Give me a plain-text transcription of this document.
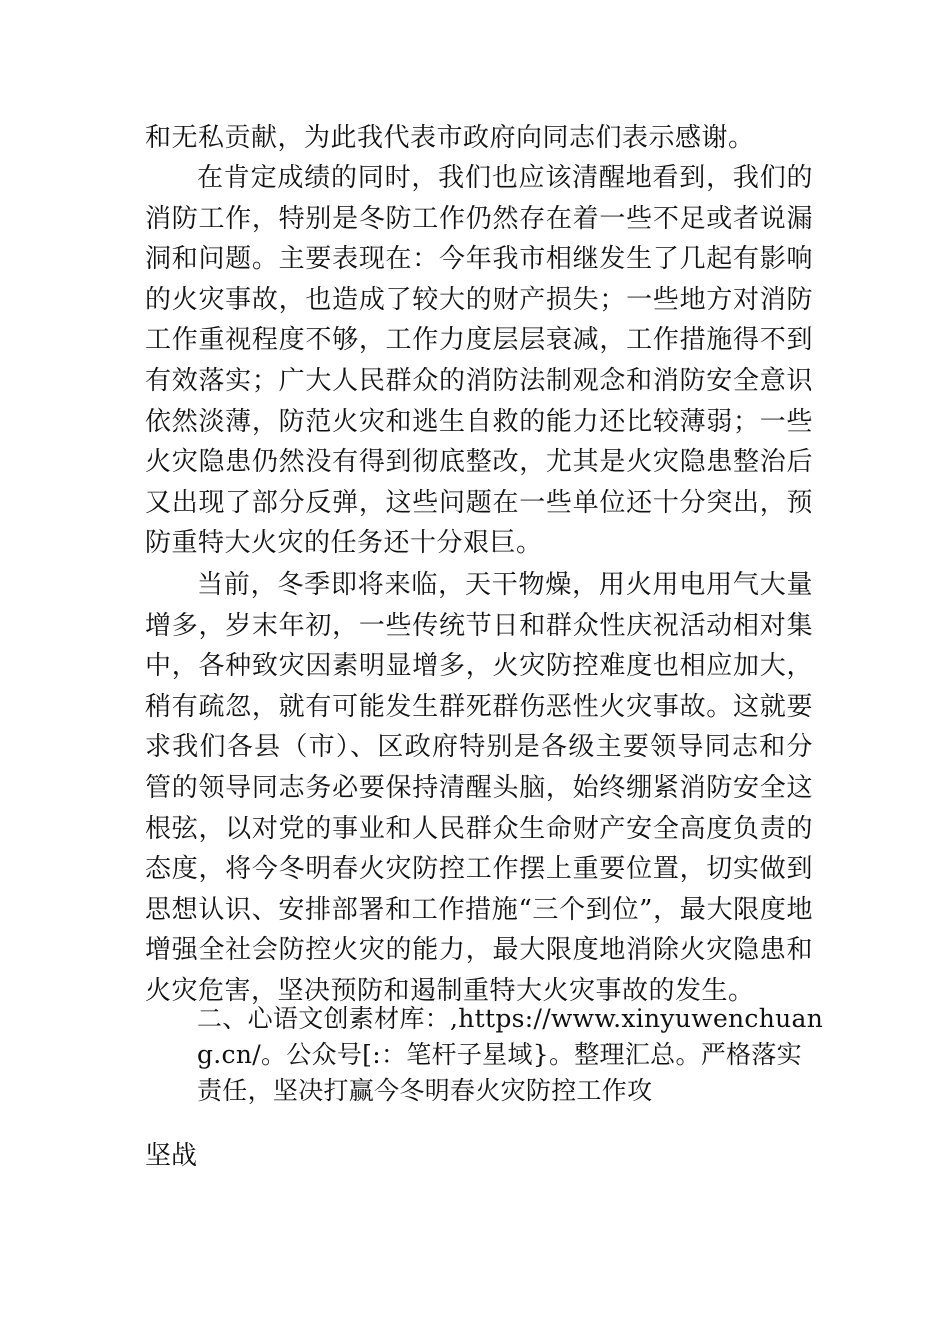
和无私贡献，为此我代表市政府向同志们表示感谢。

在肯定成绩的同时，我们也应该清醒地看到，我们的消防工作，特别是冬防工作仍然存在着一些不足或者说漏洞和问题。主要表现在：今年我市相继发生了几起有影响的火灾事故，也造成了较大的财产损失；一些地方对消防工作重视程度不够，工作力度层层衰减，工作措施得不到有效落实；广大人民群众的消防法制观念和消防安全意识依然淡薄，防范火灾和逃生自救的能力还比较薄弱；一些火灾隐患仍然没有得到彻底整改，尤其是火灾隐患整治后又出现了部分反弹，这些问题在一些单位还十分突出，预防重特大火灾的任务还十分艰巨。

当前，冬季即将来临，天干物燥，用火用电用气大量增多，岁末年初，一些传统节日和群众性庆祝活动相对集中，各种致灾因素明显增多，火灾防控难度也相应加大，稍有疏忽，就有可能发生群死群伤恶性火灾事故。这就要求我们各县（市）、区政府特别是各级主要领导同志和分管的领导同志务必要保持清醒头脑，始终绷紧消防安全这根弦，以对党的事业和人民群众生命财产安全高度负责的态度，将今冬明春火灾防控工作摆上重要位置，切实做到思想认识、安排部署和工作措施“三个到位”，最大限度地增强全社会防控火灾的能力，最大限度地消除火灾隐患和火灾危害，坚决预防和遏制重特大火灾事故的发生。

二、心语文创素材库：,https://www.xinyuwenchuang.cn/。公众号[:：笔杆子星域}。整理汇总。严格落实责任，坚决打赢今冬明春火灾防控工作攻

坚战
